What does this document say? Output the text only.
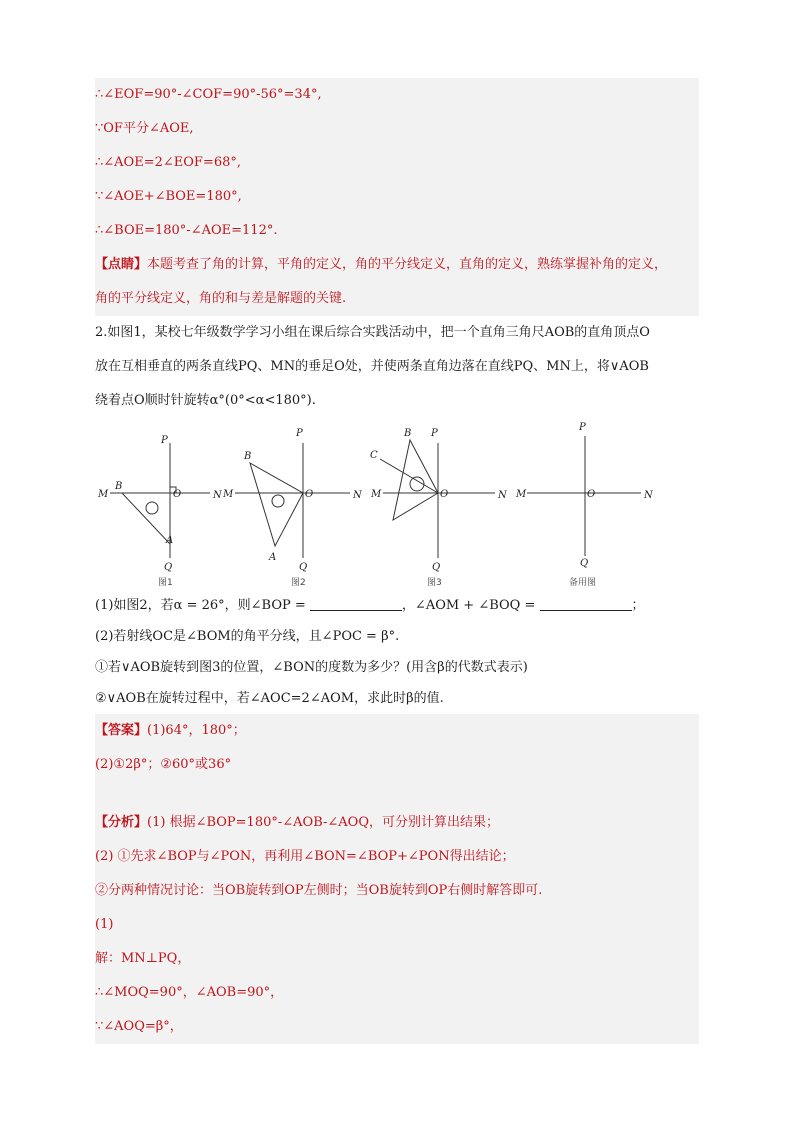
∴∠EOF=90°-∠COF=90°-56°=34°,
∵OF平分∠AOE,
∴∠AOE=2∠EOF=68°,
∵∠AOE+∠BOE=180°,
∴∠BOE=180°-∠AOE=112°.
【点睛】本题考查了角的计算，平角的定义，角的平分线定义，直角的定义，熟练掌握补角的定义，
角的平分线定义，角的和与差是解题的关键.
2.如图1，某校七年级数学学习小组在课后综合实践活动中，把一个直角三角尺AOB的直角顶点O
放在互相垂直的两条直线PQ、MN的垂足O处，并使两条直角边落在直线PQ、MN上，将∨AOB
绕着点O顺时针旋转α°(0°<α<180°).
M
B
O
P
N
A
Q
M
B
O
P
N
A
Q
M
C
B
O
P
N
Q
M	O
P
N
Q
图1	图2	图3	备用图
(1)如图2，若α = 26°，则∠BOP =	，∠AOM + ∠BOQ =	；
(2)若射线OC是∠BOM的角平分线，且∠POC = β°.
①若∨AOB旋转到图3的位置，∠BON的度数为多少？(用含β的代数式表示)
②∨AOB在旋转过程中，若∠AOC=2∠AOM，求此时β的值.
【答案】(1)64°，180°；
(2)①2β°；②60°或36°
【分析】(1) 根据∠BOP=180°-∠AOB-∠AOQ，可分别计算出结果；
(2) ①先求∠BOP与∠PON，再利用∠BON=∠BOP+∠PON得出结论；
②分两种情况讨论：当OB旋转到OP左侧时；当OB旋转到OP右侧时解答即可.
(1)
解：MN⊥PQ，
∴∠MOQ=90°，∠AOB=90°，
∵∠AOQ=β°，
